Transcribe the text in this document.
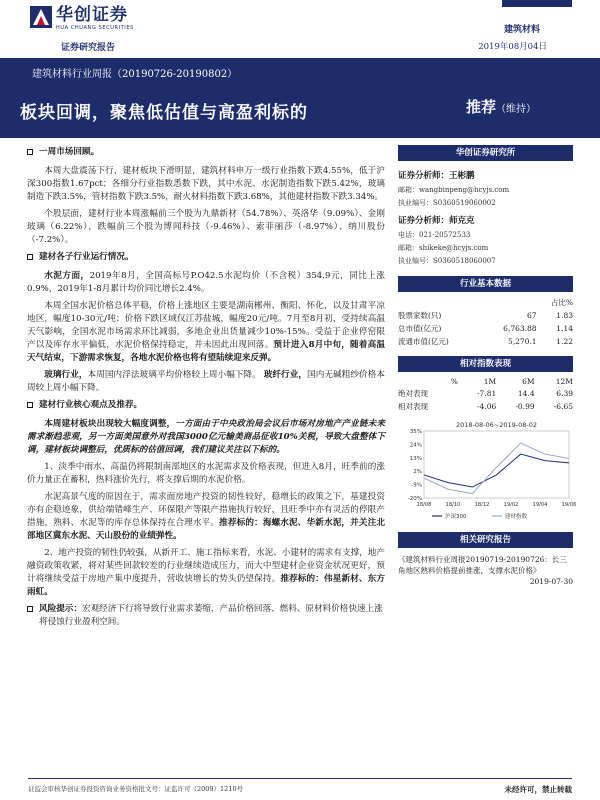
华创证券
HUA CHUANG SECURITIES
证券研究报告
建筑材料
2019年08月04日
建筑材料行业周报（20190726-20190802）
板块回调，聚焦低估值与高盈利标的	推荐（维持）
一周市场回顾。

本周大盘震荡下行，建材板块下滑明显，建筑材料申万一级行业指数下跌4.55%，低于沪深300指数1.67pct；各细分行业指数悉数下跌，其中水泥、水泥制造指数下跌5.42%，玻璃制造下跌3.5%，管材指数下跌3.5%，耐火材料指数下跌3.68%，其他建材指数下跌3.34%。

个股层面，建材行业本周涨幅前三个股为九鼎新材（54.78%）、英洛华（9.09%）、金刚玻璃（6.22%），跌幅前三个股为博闻科技（-9.46%）、索菲丽莎（-8.97%）、纳川股份（-7.2%）。

建材各子行业运行情况。

水泥方面，2019年8月，全国高标号P.O42.5水泥均价（不含税）354.9元，同比上涨0.9%，2019年1-8月累计均价同比增长2.4%。

本周全国水泥价格总体平稳，价格上涨地区主要是湖南郴州、衡阳、怀化，以及甘肃平凉地区，幅度10-30元/吨；价格下跌区域仅江苏盐城，幅度20元/吨。7月至8月初，受持续高温天气影响，全国水泥市场需求环比减弱，多地企业出货量减少10%-15%。受益于企业停窑限产以及库存水平偏低，水泥价格保持稳定，并未因此出现回落。预计进入8月中旬，随着高温天气结束，下游需求恢复，各地水泥价格也将有望陆续迎来反弹。

玻璃行业，本周国内浮法玻璃平均价格较上周小幅下降。 玻纤行业，国内无碱粗纱价格本周较上周小幅下降。

建材行业核心观点及推荐。

本周建材板块出现较大幅度调整，一方面由于中央政治局会议后市场对房地产产业链未来需求渐趋悲观，另一方面美国意外对我国3000亿元输美商品征收10%关税，导致大盘整体下调，建材板块调整后，优质标的估值回调，我们建议关注以下标的。

1、淡季中雨水、高温仍将限制南部地区的水泥需求及价格表现，但进入8月，旺季前的涨价力量正在蓄积，热料涨价先行，将支撑后期的水泥价格。

水泥高景气度的原因在于，需求面房地产投资的韧性较好，稳增长的政策之下，基建投资亦有企稳迹象，供给端错峰生产、环保限产等限产措施执行较好，且旺季中亦有灵活的停限产措施，熟料、水泥等的库存总体保持在合理水平。推荐标的：海螺水泥、华新水泥，并关注北部地区冀东水泥、天山股份的业绩弹性。

2、地产投资的韧性仍较强，从新开工、施工指标来看，水泥、小建材的需求有支撑，地产融资政策收紧，将对某些回款较差的行业继续造成压力，而大中型建材企业资金状况更好，预计将继续受益于房地产集中度提升，营收快增长的势头仍望保持。推荐标的：伟星新材、东方雨虹。

风险提示：宏观经济下行将导致行业需求萎缩，产品价格回落、燃料、原材料价格快速上涨将侵蚀行业盈利空间。
华创证券研究所
证券分析师：王彬鹏
邮箱：wangbinpeng@hcyjs.com
执业编号：S0360519060002
证券分析师：师克克
电话：021-20572533
邮箱：shikeke@hcyjs.com
执业编号：S0360518060007
行业基本数据
		占比%
股票家数(只)	67	1.83
总市值(亿元)	6,763.88	1.14
流通市值(亿元)	5,270.1	1.22
相对指数表现
%	1M	6M	12M
绝对表现	-7.81	14.4	6.39
相对表现	-4.06	-0.99	-6.65
2018-08-06~2019-08-02
35%
24%
13%
2%
-9%
-20%
18/08	18/10	18/12	19/02	19/04	19/06
沪深300	建材指数
相关研究报告
《建筑材料行业周报20190719-20190726：长三角地区熟料价格提前推涨，支撑水泥价格》
2019-07-30
证监会审核华创证券投资咨询业务资格批文号：证监许可（2009）1210号	未经许可，禁止转载
